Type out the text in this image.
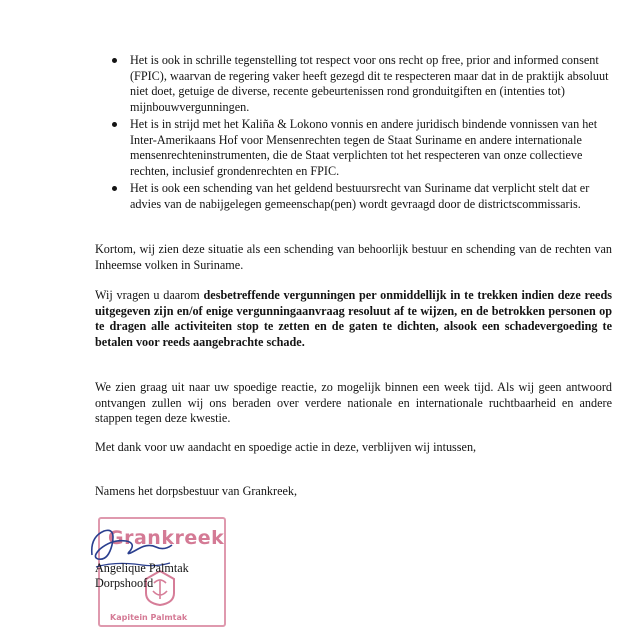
Het is ook in schrille tegenstelling tot respect voor ons recht op free, prior and informed consent (FPIC), waarvan de regering vaker heeft gezegd dit te respecteren maar dat in de praktijk absoluut niet doet, getuige de diverse, recente gebeurtenissen rond gronduitgiften en (intenties tot) mijnbouwvergunningen.
Het is in strijd met het Kaliña & Lokono vonnis en andere juridisch bindende vonnissen van het Inter-Amerikaans Hof voor Mensenrechten tegen de Staat Suriname en andere internationale mensenrechteninstrumenten, die de Staat verplichten tot het respecteren van onze collectieve rechten, inclusief grondenrechten en FPIC.
Het is ook een schending van het geldend bestuursrecht van Suriname dat verplicht stelt dat er advies van de nabijgelegen gemeenschap(pen) wordt gevraagd door de districtscommissaris.

Kortom, wij zien deze situatie als een schending van behoorlijk bestuur en schending van de rechten van Inheemse volken in Suriname.

Wij vragen u daarom desbetreffende vergunningen per onmiddellijk in te trekken indien deze reeds uitgegeven zijn en/of enige vergunningaanvraag resoluut af te wijzen, en de betrokken personen op te dragen alle activiteiten stop te zetten en de gaten te dichten, alsook een schadevergoeding te betalen voor reeds aangebrachte schade.

We zien graag uit naar uw spoedige reactie, zo mogelijk binnen een week tijd. Als wij geen antwoord ontvangen zullen wij ons beraden over verdere nationale en internationale ruchtbaarheid en andere stappen tegen deze kwestie.

Met dank voor uw aandacht en spoedige actie in deze, verblijven wij intussen,

Namens het dorpsbestuur van Grankreek,

Grankreek
Kapitein Palmtak
Angelique Palmtak
Dorpshoofd
